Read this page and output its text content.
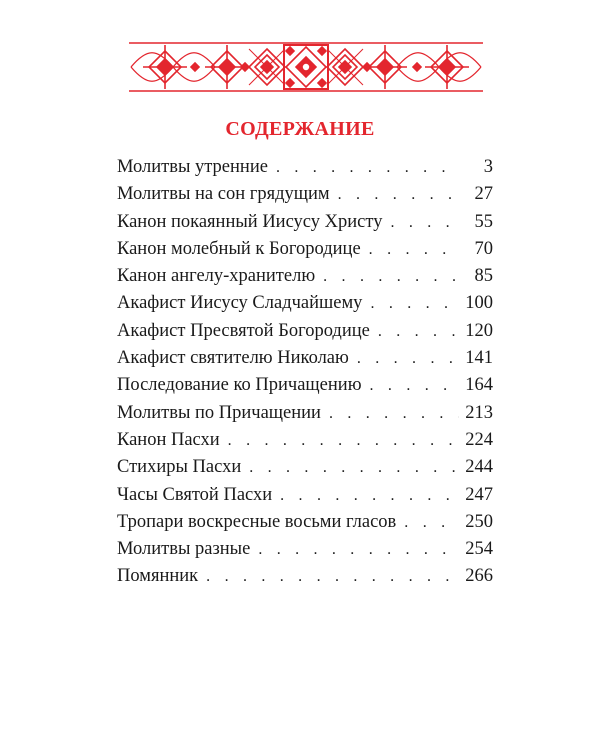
СОДЕРЖАНИЕ
Молитвы утренние . . .	3
Молитвы на сон грядущим . . .	27
Канон покаянный Иисусу Христу . . .	55
Канон молебный к Богородице . . .	70
Канон ангелу-хранителю . . .	85
Акафист Иисусу Сладчайшему . . .	100
Акафист Пресвятой Богородице . . .	120
Акафист святителю Николаю . . .	141
Последование ко Причащению . . .	164
Молитвы по Причащении . . .	213
Канон Пасхи . . .	224
Стихиры Пасхи . . .	244
Часы Святой Пасхи . . .	247
Тропари воскресные восьми гласов . . .	250
Молитвы разные . . .	254
Помянник . . .	266
